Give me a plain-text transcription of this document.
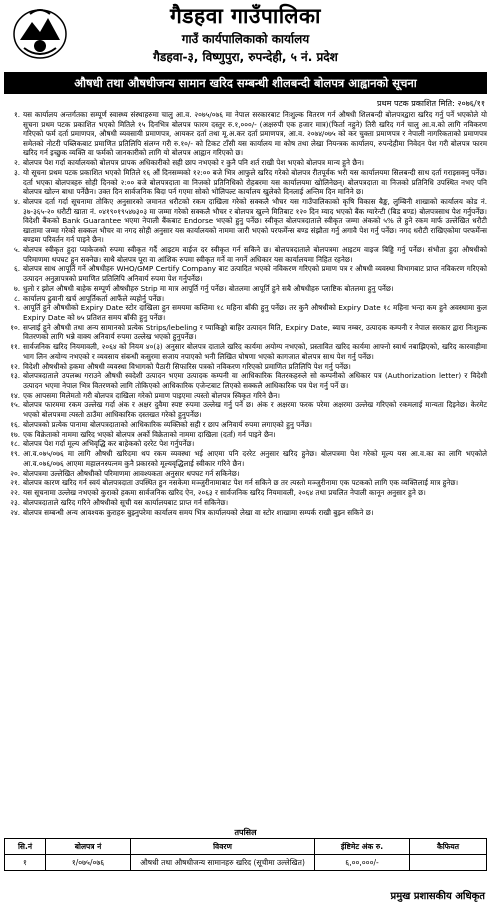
गैडहवा गाउँपालिका
गाउँ कार्यपालिकाको कार्यालय
गैडहवा-३, विष्णुपुरा, रुपन्देही, ५ नं. प्रदेश
औषधी तथा औषधीजन्य सामान खरिद सम्बन्धी शीलबन्दी बोलपत्र आह्वानको सूचना
प्रथम पटक प्रकाशित मिति: २०७६/११
१. यस कार्यालय अन्तर्गतका सम्पूर्ण स्वास्थ्य संस्थाहरुमा चालु आ.व. २०७५/०७६ मा नेपाल सरकारबाट निःशुल्क वितरण गर्न औषधी शिलबन्दी बोलपत्रद्वारा खरिद गर्नु पर्ने भएकोले यो सूचना प्रथम पटक प्रकाशित भएको मितिले १५ दिनभित्र बोलपत्र फारम दस्तुर रु.१,०००/- (अक्षरुपी एक हजार मात्र)(फिर्ता नहुने) तिरी खरिद गर्न चालु आ.व.को लागि नविकरण गरिएको फर्म दर्ता प्रमाणपत्र, औषधी व्यवसायी प्रमाणपत्र, आयकर दर्ता तथा मू.अ.कर दर्ता प्रमाणपत्र, आ.व. २०७४/०७५ को कर चुक्ता प्रमाणपत्र र नेपाली नागरिकताको प्रमाणपत्र समेतको नोटरी पब्लिकबाट प्रमाणित प्रतिलिपि संलग्न गरी रु.१०/- को टिकट टाँसी यस कार्यालय मा कोष तथा लेखा नियन्त्रक कार्यालय, रुपन्देहीमा निवेदन पेश गरी बोलपत्र फारम खरिद गर्न इच्छुक व्यक्ति वा फर्मको जानकारीको लागि यो बोलपत्र आह्वान गरिएको छ।
२. बोलपत्र पेश गर्दा कार्यालयको बोलपत्र प्रापक अधिकारीको सही छाप नभएको र कुनै पनि शर्त राखी पेश भएको बोलपत्र मान्य हुने छैन।
३. यो सूचना प्रथम पटक प्रकाशित भएको मितिले १६ औं दिनसम्मको १२:०० बजे भित्र आफुले खरिद गरेको बोलपत्र रीतपूर्वक भरी यस कार्यालयमा सिलबन्दी साथ दर्ता गराइसक्नु पर्नेछ। दर्ता भएका बोलपत्रहरु सोही दिनको २:०० बजे बोलपत्रदाता वा निजको प्रतिनिधिको रोहबरमा यस कार्यालयमा खोलिनेछन्। बोलपत्रदाता वा निजको प्रतिनिधि उपस्थित नभए पनि बोलपत्र खोल्न बाधा पर्नेछैन। उक्त दिन सार्वजनिक बिदा पर्न गएमा सोको भोलिपल्ट कार्यालय खुलेको दिनलाई अन्तिम दिन मानिने छ।
४. बोलपत्र दर्ता गर्दा सूचनामा तोकिए अनुसारको जमानत धरौटको रकम दाखिला गरेको सक्कलै भौचर यस गाउँपालिकाको कृषि विकास बैङ्क, लुम्बिनी शाखाको कार्यालय कोड नं. ३७-३६५-२० धरौटी खाता नं. ०४१९०१९५४७३०३ मा जम्मा गरेको सक्कलै भौचर र बोलपत्र खुल्ने मितिबाट १२० दिन म्याद भएको बैंक ग्यारेन्टी (बिड बण्ड) बोलपत्रसाथ पेश गर्नुपर्नेछ। विदेशी बैंकको Bank Guarantee भएमा नेपाली बैंकबाट Endorse भएको हुनु पर्नेछ। स्वीकृत बोलपत्रदाताले स्वीकृत जम्मा अंकको ५% ले हुने रकम मार्फ उल्लेखित धरौटी खातामा जम्मा गरेको सक्कल भौचर वा नगद सोही अनुसार यस कार्यालयको नाममा जारी भएको परफर्मेन्स बण्ड संझौता गर्नु अगावै पेश गर्नु पर्नेछ। नगद धरौटी राखिएकोमा परफर्मेन्स बण्डमा परिवर्तन गर्न पाइने छैन।
५. बोलपत्र स्वीकृत हुदा प्याकेजको रुपमा स्वीकृत गर्दै आइटम वाईज दर स्वीकृत गर्न सकिने छ। बोलपत्रदाताले बोलपत्रमा आइटम वाइज बिड्डि गर्नु पर्नेछ। संभौता हुदा औषधीको परिमाणमा थपघट हुन सक्नेछ। साथै बोलपत्र पूरा वा आंशिक रुपमा स्वीकृत गर्ने वा नगर्ने अधिकार यस कार्यालयमा निहित रहनेछ।
६. बोलपत्र साथ आपूर्ति गर्ने औषधीहरु WHO/GMP Certify Company बाट उत्पादित भएको नविकरण गरिएको प्रमाण पत्र र औषधी व्यवस्था विभागबाट प्राप्त नविकरण गरिएको उत्पादन अनुज्ञापत्रको प्रमाणित प्रतिलिपि अनिवार्य रुपमा पेश गर्नुपर्नेछ।
७. धुलो र झोल औषधी बाहेक सम्पूर्ण औषधीहरु Strip मा मात्र आपूर्ति गर्नु पर्नेछ। बोतलमा आपूर्ति हुने सबै औषधीहरु प्लाष्टिक बोतलमा हुनु पर्नेछ।
८. कार्यालय ढुवानी खर्च आपूर्तिकर्ता आफैंले व्यहोर्नु पर्नेछ।
९. आपूर्ति हुने औषधीको Expiry Date स्टोर दाखिला हुन समयमा कम्तिमा १८ महिना बाँकी हुनु पर्नेछ। तर कुनै औषधीको Expiry Date १८ महिना भन्दा कम हुने अवस्थामा कुल Expiry Date को ७५ प्रतिशत समय बाँकी हुनु पर्नेछ।
१०. सप्लाई हुने औषधी तथा अन्य सामानको प्रत्येक Strips/lebeling र प्याकिङ्को बाहिर उत्पादन मिति, Expiry Date, ब्याच नम्बर, उत्पादक कम्पनी र नेपाल सरकार द्वारा निःशुल्क वितरणको लागि भन्ने वाक्य अनिवार्य रुपमा उल्लेख भएको हुनुपर्नेछ।
११. सार्वजनिक खरिद नियमावली, २०६४ को नियम ४०(३) अनुसार बोलपत्र दाताले खरिद कार्यमा अयोग्य नभएको, प्रस्तावित खरिद कार्यमा आफ्नो स्वार्थ नबाझिएको, खरिद कारवाहीमा भाग लिन अयोग्य नभएको र व्यवसाय संबन्धी कसुरमा सजाय नपाएको भनी लिखित घोषणा भएको कागजात बोलपत्र साथ पेश गर्नु पर्नेछ।
१२. विदेशी औषधीको हकमा औषधी व्यवस्था विभागको पैठारी सिफारिस पत्रको नविकरण गरिएको प्रमाणित प्रतिलिपि पेश गर्नु पर्नेछ।
१३. बोलपत्रदाताले उपलब्ध गराउने औषधी स्वदेशी उत्पादन भएमा उत्पादक कम्पनी वा आधिकारिक वितरकहरुले सो कम्पनीको अधिकार पत्र (Authorization letter) र विदेशी उत्पादन भएमा नेपाल भित्र वितरणको लागि तोकिएको आधिकारिक एजेन्टबाट लिएको सक्कलै आधिकारिक पत्र पेश गर्नु पर्ने छ।
१४. एक आपसमा मिलेमतो गरी बोलपत्र दाखिला गरेको प्रमाण पाइएमा त्यस्तो बोलपत्र स्विकृत गरिने छैन।
१५. बोलपत्र फारममा रकम उल्लेख गर्दा अंक र अक्षर दुवैमा स्पष्ट रुपमा उल्लेख गर्नु पर्ने छ। अंक र अक्षरमा फरक परेमा अक्षरमा उल्लेख गरिएको रकमलाई मान्यता दिइनेछ। केरमेट भएको बोलपत्रमा त्यस्तो ठाउँमा आधिकारिक दस्तखत गरेको हुनुपर्नेछ।
१६. बोलपत्रको प्रत्येक पानामा बोलपत्रदाताको आधिकारिक व्यक्तिको सही र छाप अनिवार्य रुपमा लगाएको हुनु पर्नेछ।
१७. एक विक्रेताको नाममा खरिद भएको बोलपत्र अर्को विक्रेताको नाममा दाखिला (दर्ता) गर्न पाइने छैन।
१८. बोलपत्र पेश गर्दा मूल्य अभिवृद्धि कर बाहेकको दररेट पेश गर्नुपर्नेछ।
१९. आ.व.०७५/०७६ मा लागि औषधी खरिदमा थप रकम व्यवस्था भई आएमा पनि दररेट अनुसार खरिद हुनेछ। बोलपत्रमा पेश गरेको मूल्य यस आ.व.का का लागि भएकोले आ.व.०७६/०७६ आएमा महालनस्पत्नम कुनै प्रकारको मूल्यवृद्धिलाई स्वीकार गरिने छैन।
२०. बोलपत्रमा उल्लेखित औषधीको परिमाणमा आवश्यकता अनुसार थपघट गर्न सकिनेछ।
२१. बोलपत्र कारण खरिद गर्न स्वयं बोलपत्रदाता उपस्थित हुन नसकेमा मञ्जुरीनामाबाट पेश गर्न सकिने छ तर त्यस्तो मञ्जुरीनामा एक पटकको लागि एक व्यक्तिलाई मात्र हुनेछ।
२२. यस सूचनामा उल्लेख नभएको कुराको हकमा सार्वजनिक खरिद ऐन, २०६३ र सार्वजनिक खरिद नियमावली, २०६४ तथा प्रचलित नेपाली कानून अनुसार हुने छ।
२३. बोलपत्रदाताले खरिद गरिने औषधीको सूची यस कार्यालयबाट प्राप्त गर्न सकिनेछ।
२४. बोलपत्र सम्बन्धी अन्य आवश्यक कुराहरु बुझ्नुपरेमा कार्यालय समय भित्र कार्यालयको लेखा वा स्टोर शाखामा सम्पर्क राखी बुझ्न सकिने छ।
तपसिल
सि.नं	बोलपत्र नं	विवरण	ईष्टिमेट अंक रु.	कैफियत
१	१/०७५/०७६	औषधी तथा औषधीजन्य सामानहरु खरिद (सूचीमा उल्लेखित)	६,००,०००/-	
प्रमुख प्रशासकीय अधिकृत
